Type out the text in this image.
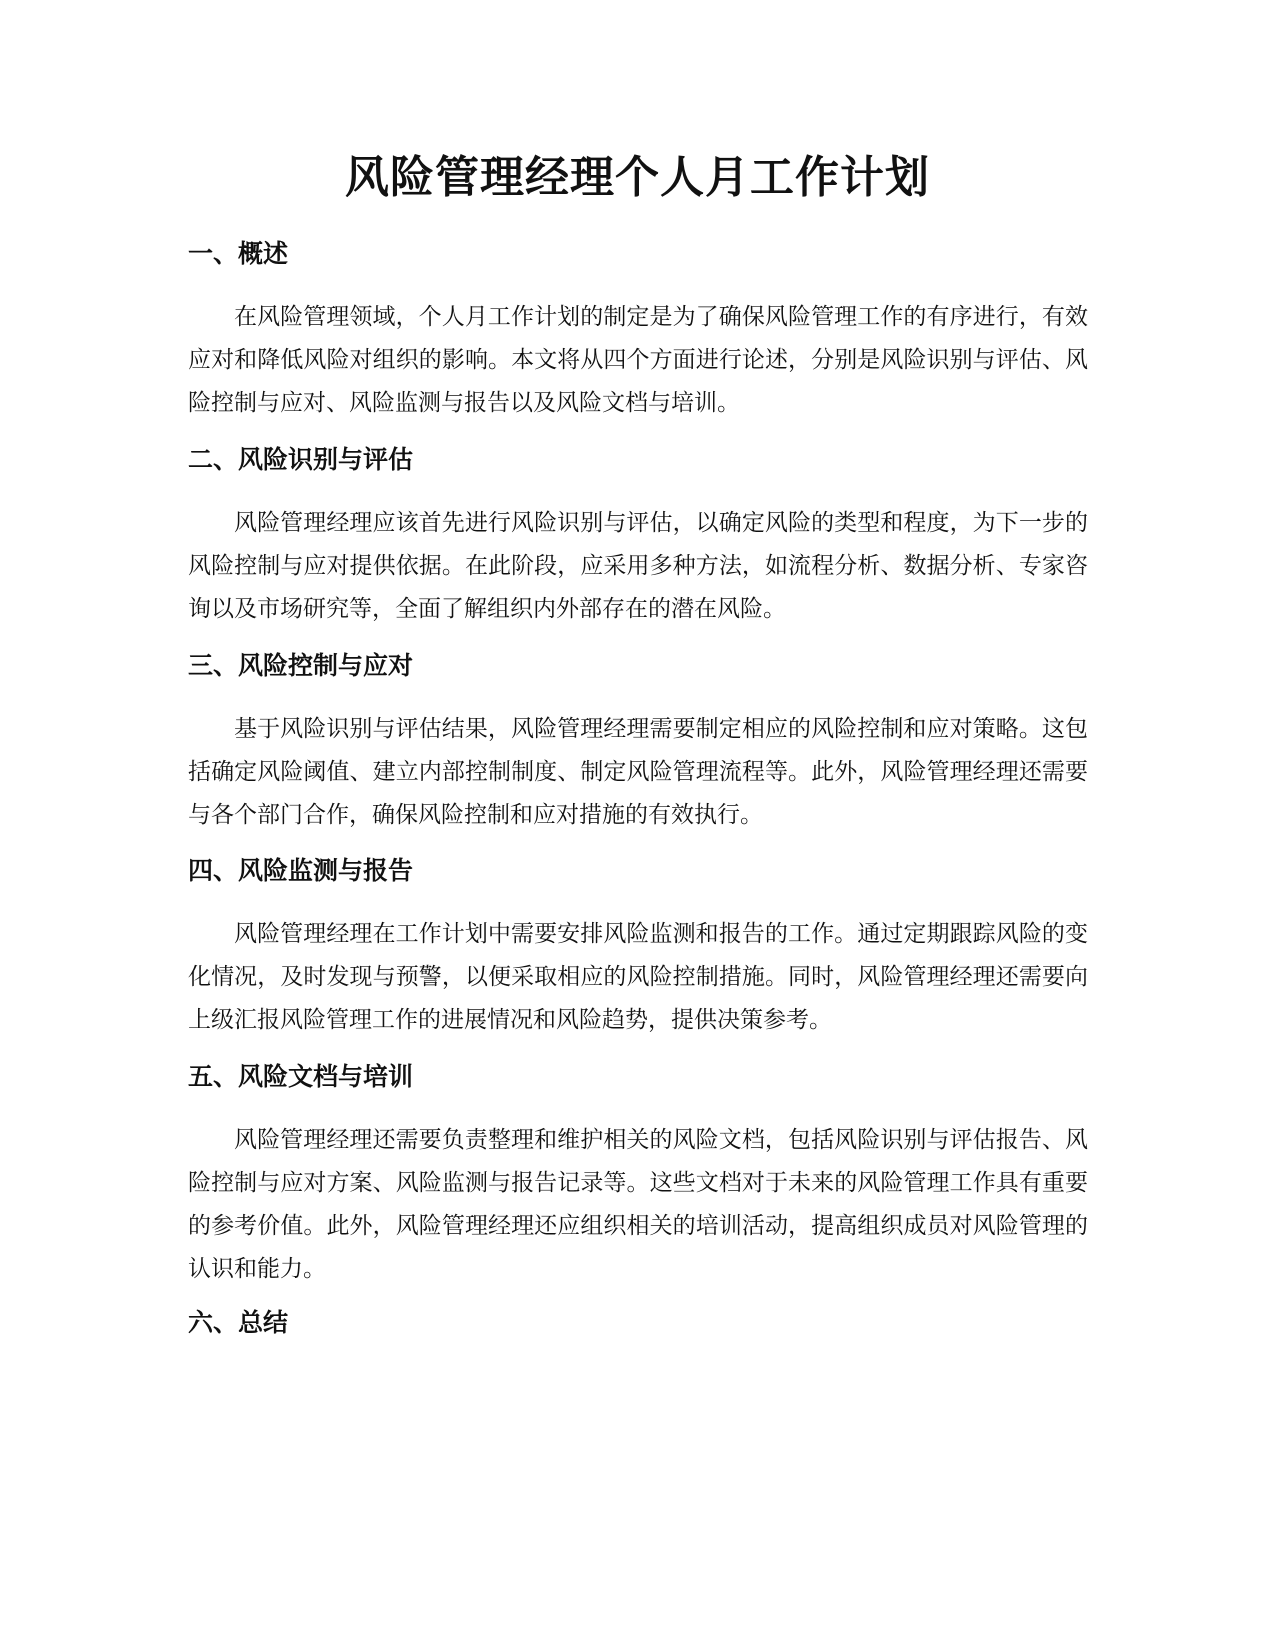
风险管理经理个人月工作计划
一、概述

在风险管理领域，个人月工作计划的制定是为了确保风险管理工作的有序进行，有效应对和降低风险对组织的影响。本文将从四个方面进行论述，分别是风险识别与评估、风险控制与应对、风险监测与报告以及风险文档与培训。

二、风险识别与评估

风险管理经理应该首先进行风险识别与评估，以确定风险的类型和程度，为下一步的风险控制与应对提供依据。在此阶段，应采用多种方法，如流程分析、数据分析、专家咨询以及市场研究等，全面了解组织内外部存在的潜在风险。

三、风险控制与应对

基于风险识别与评估结果，风险管理经理需要制定相应的风险控制和应对策略。这包括确定风险阈值、建立内部控制制度、制定风险管理流程等。此外，风险管理经理还需要与各个部门合作，确保风险控制和应对措施的有效执行。

四、风险监测与报告

风险管理经理在工作计划中需要安排风险监测和报告的工作。通过定期跟踪风险的变化情况，及时发现与预警，以便采取相应的风险控制措施。同时，风险管理经理还需要向上级汇报风险管理工作的进展情况和风险趋势，提供决策参考。

五、风险文档与培训

风险管理经理还需要负责整理和维护相关的风险文档，包括风险识别与评估报告、风险控制与应对方案、风险监测与报告记录等。这些文档对于未来的风险管理工作具有重要的参考价值。此外，风险管理经理还应组织相关的培训活动，提高组织成员对风险管理的认识和能力。

六、总结
